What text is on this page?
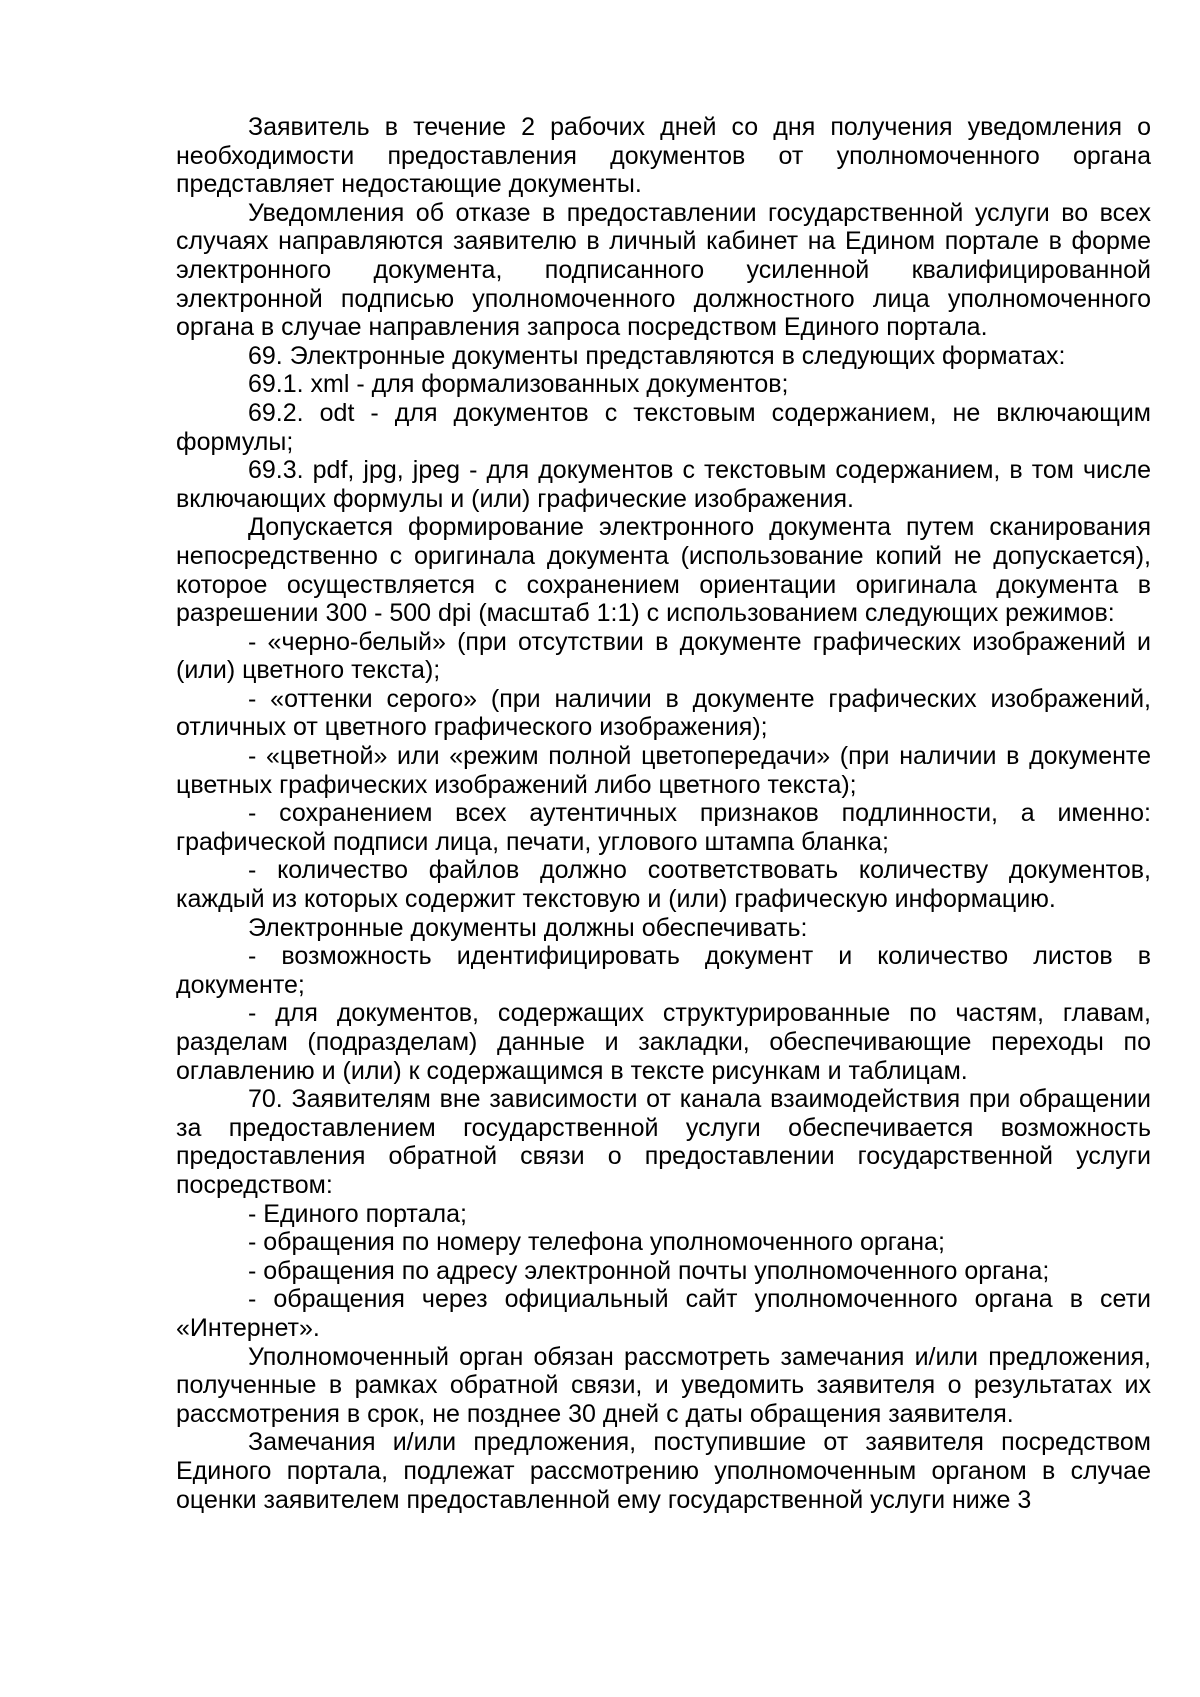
Заявитель в течение 2 рабочих дней со дня получения уведомления о необходимости предоставления документов от уполномоченного органа представляет недостающие документы.

Уведомления об отказе в предоставлении государственной услуги во всех случаях направляются заявителю в личный кабинет на Едином портале в форме электронного документа, подписанного усиленной квалифицированной электронной подписью уполномоченного должностного лица уполномоченного органа в случае направления запроса посредством Единого портала.

69. Электронные документы представляются в следующих форматах:

69.1. xml - для формализованных документов;

69.2. odt - для документов с текстовым содержанием, не включающим формулы;

69.3. pdf, jpg, jpeg - для документов с текстовым содержанием, в том числе включающих формулы и (или) графические изображения.

Допускается формирование электронного документа путем сканирования непосредственно с оригинала документа (использование копий не допускается), которое осуществляется с сохранением ориентации оригинала документа в разрешении 300 - 500 dpi (масштаб 1:1) с использованием следующих режимов:

- «черно-белый» (при отсутствии в документе графических изображений и (или) цветного текста);

- «оттенки серого» (при наличии в документе графических изображений, отличных от цветного графического изображения);

- «цветной» или «режим полной цветопередачи» (при наличии в документе цветных графических изображений либо цветного текста);

- сохранением всех аутентичных признаков подлинности, а именно: графической подписи лица, печати, углового штампа бланка;

- количество файлов должно соответствовать количеству документов, каждый из которых содержит текстовую и (или) графическую информацию.

Электронные документы должны обеспечивать:

- возможность идентифицировать документ и количество листов в документе;

- для документов, содержащих структурированные по частям, главам, разделам (подразделам) данные и закладки, обеспечивающие переходы по оглавлению и (или) к содержащимся в тексте рисункам и таблицам.

70. Заявителям вне зависимости от канала взаимодействия при обращении за предоставлением государственной услуги обеспечивается возможность предоставления обратной связи о предоставлении государственной услуги посредством:

- Единого портала;

- обращения по номеру телефона уполномоченного органа;

- обращения по адресу электронной почты уполномоченного органа;

- обращения через официальный сайт уполномоченного органа в сети «Интернет».

Уполномоченный орган обязан рассмотреть замечания и/или предложения, полученные в рамках обратной связи, и уведомить заявителя о результатах их рассмотрения в срок, не позднее 30 дней с даты обращения заявителя.

Замечания и/или предложения, поступившие от заявителя посредством Единого портала, подлежат рассмотрению уполномоченным органом в случае оценки заявителем предоставленной ему государственной услуги ниже 3
